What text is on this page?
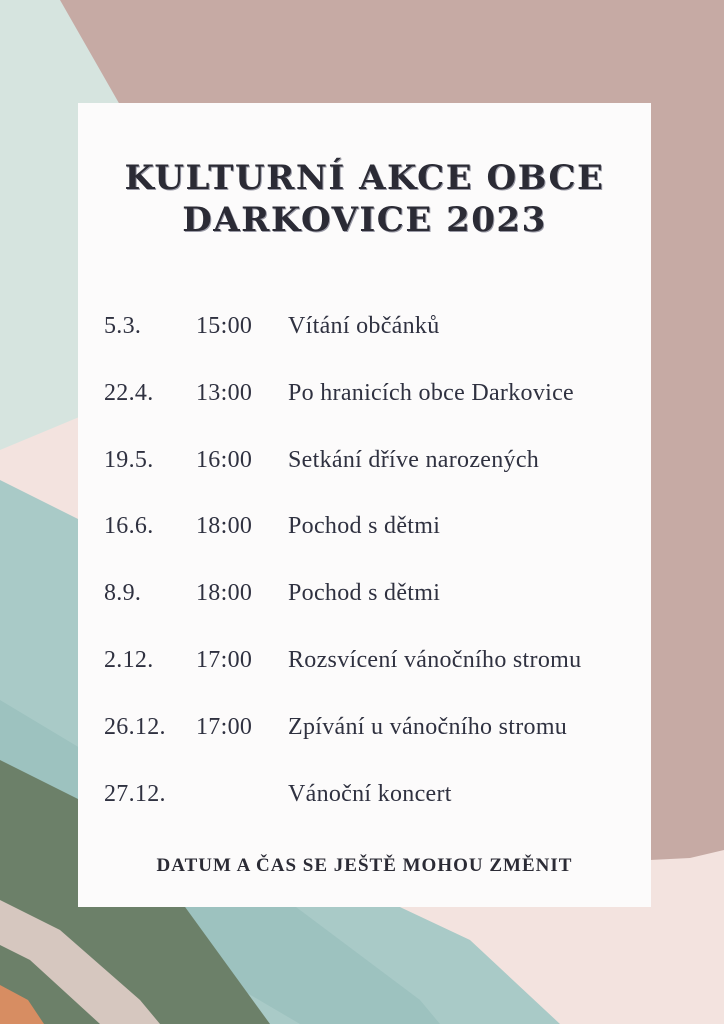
KULTURNÍ AKCE OBCE
DARKOVICE 2023
5.3. 15:00 Vítání občánků
22.4. 13:00 Po hranicích obce Darkovice
19.5. 16:00 Setkání dříve narozených
16.6. 18:00 Pochod s dětmi
8.9. 18:00 Pochod s dětmi
2.12. 17:00 Rozsvícení vánočního stromu
26.12. 17:00 Zpívání u vánočního stromu
27.12.	Vánoční koncert
DATUM A ČAS SE JEŠTĚ MOHOU ZMĚNIT
